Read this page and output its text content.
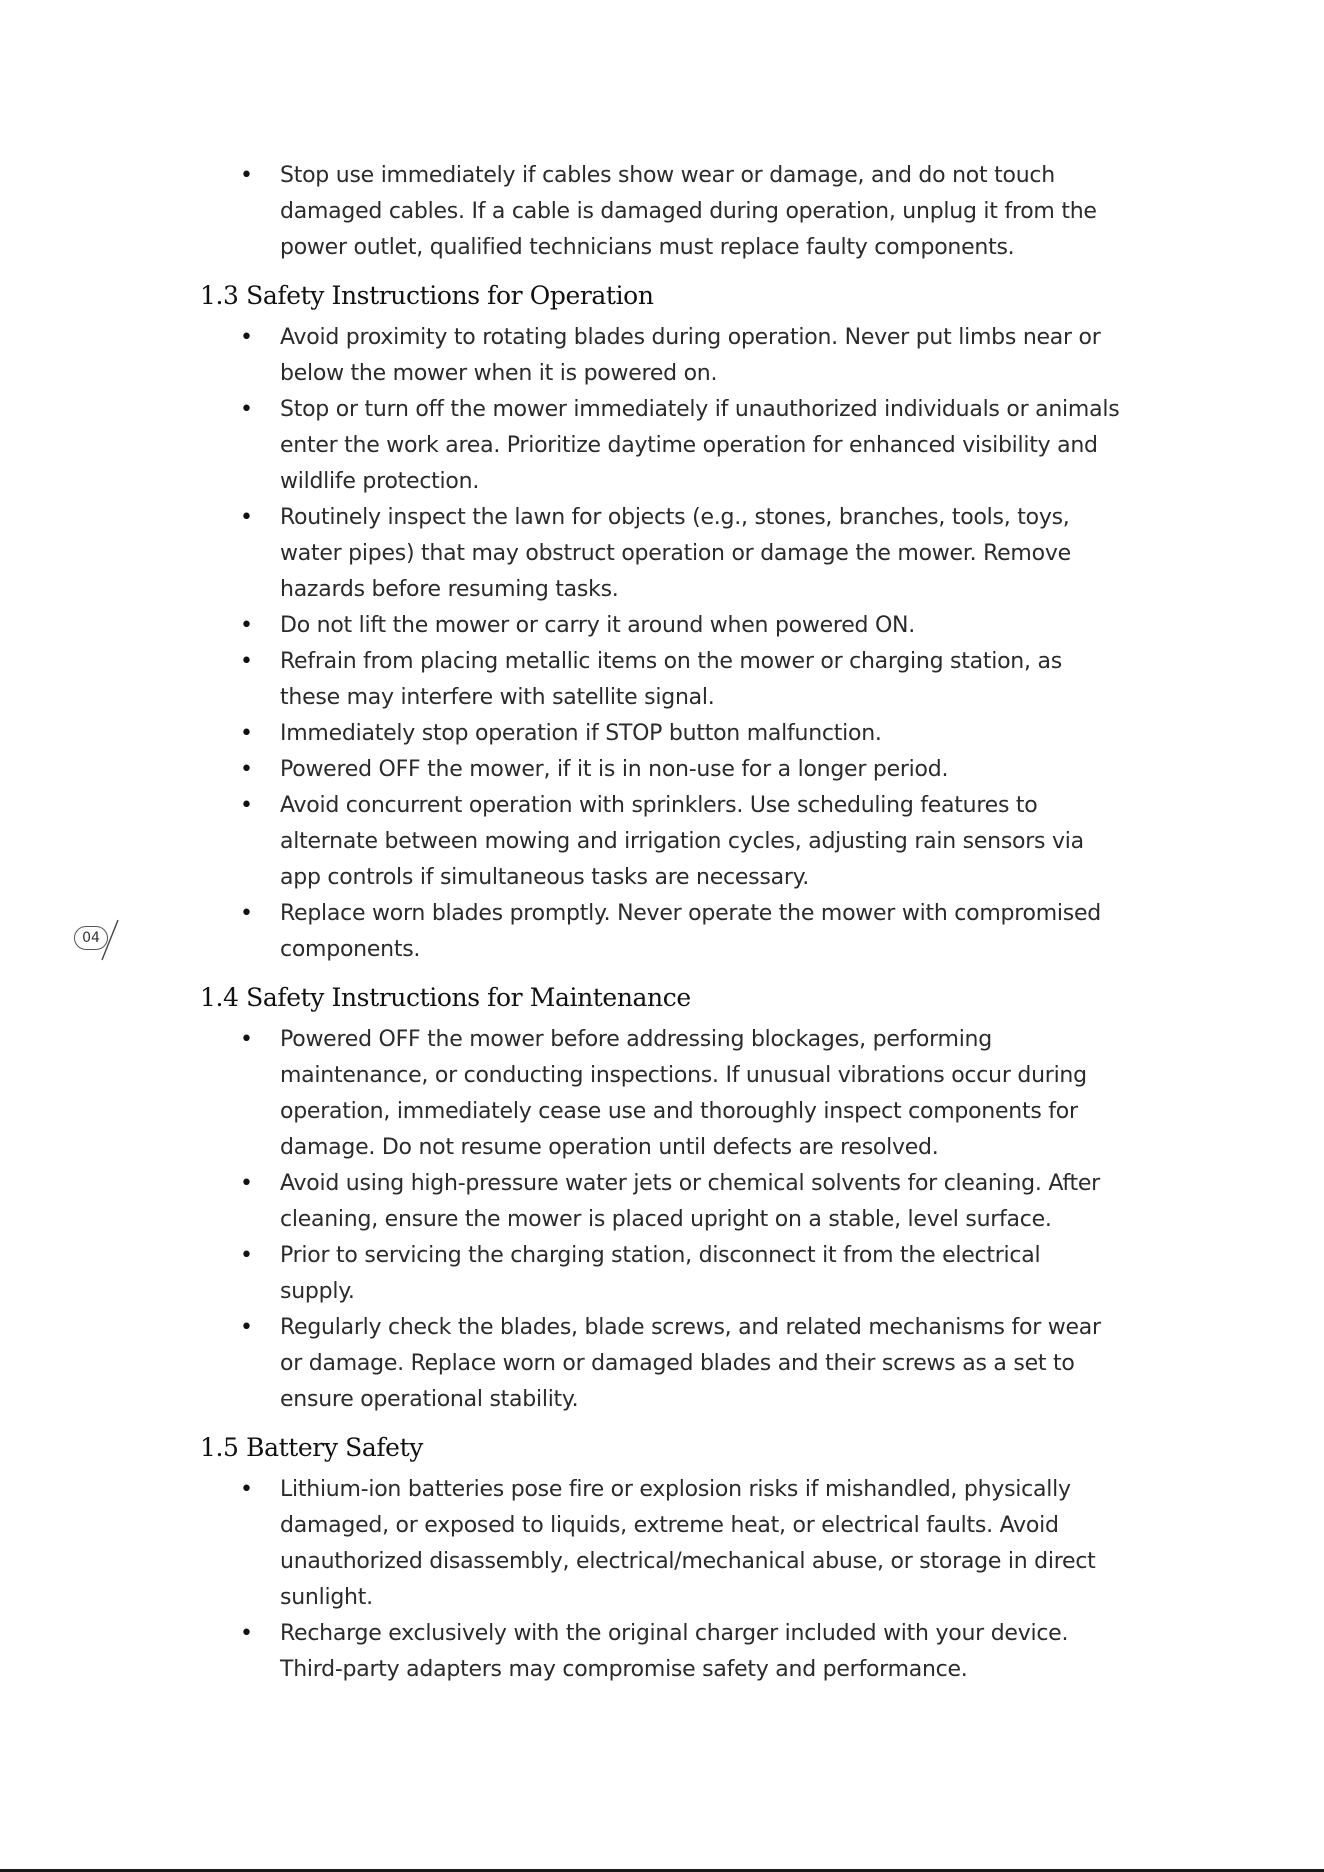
• Stop use immediately if cables show wear or damage, and do not touch damaged cables. If a cable is damaged during operation, unplug it from the power outlet, qualified technicians must replace faulty components.
1.3 Safety Instructions for Operation
• Avoid proximity to rotating blades during operation. Never put limbs near or below the mower when it is powered on.
• Stop or turn off the mower immediately if unauthorized individuals or animals enter the work area. Prioritize daytime operation for enhanced visibility and wildlife protection.
• Routinely inspect the lawn for objects (e.g., stones, branches, tools, toys, water pipes) that may obstruct operation or damage the mower. Remove hazards before resuming tasks.
• Do not lift the mower or carry it around when powered ON.
• Refrain from placing metallic items on the mower or charging station, as these may interfere with satellite signal.
• Immediately stop operation if STOP button malfunction.
• Powered OFF the mower, if it is in non-use for a longer period.
• Avoid concurrent operation with sprinklers. Use scheduling features to alternate between mowing and irrigation cycles, adjusting rain sensors via app controls if simultaneous tasks are necessary.
• Replace worn blades promptly. Never operate the mower with compromised components.
1.4 Safety Instructions for Maintenance
• Powered OFF the mower before addressing blockages, performing maintenance, or conducting inspections. If unusual vibrations occur during operation, immediately cease use and thoroughly inspect components for damage. Do not resume operation until defects are resolved.
• Avoid using high-pressure water jets or chemical solvents for cleaning. After cleaning, ensure the mower is placed upright on a stable, level surface.
• Prior to servicing the charging station, disconnect it from the electrical supply.
• Regularly check the blades, blade screws, and related mechanisms for wear or damage. Replace worn or damaged blades and their screws as a set to ensure operational stability.
1.5 Battery Safety
• Lithium-ion batteries pose fire or explosion risks if mishandled, physically damaged, or exposed to liquids, extreme heat, or electrical faults. Avoid unauthorized disassembly, electrical/mechanical abuse, or storage in direct sunlight.
• Recharge exclusively with the original charger included with your device. Third-party adapters may compromise safety and performance.
04
